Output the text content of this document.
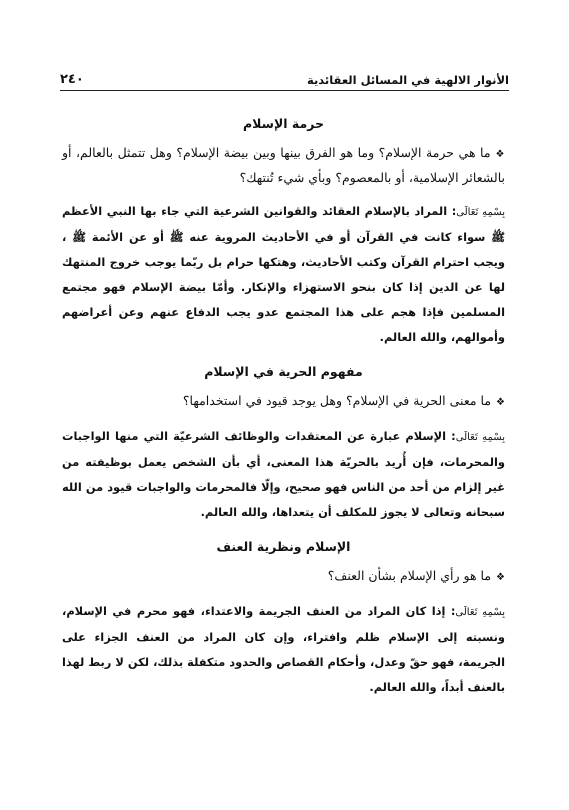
٢٤٠	الأنوار الالهية في المسائل العقائدية
حرمة الإسلام

❖ما هي حرمة الإسلام؟ وما هو الفرق بينها وبين بيضة الإسلام؟ وهل تتمثل بالعالم، أو بالشعائر الإسلامية، أو بالمعصوم؟ وبأي شيء تُنتهك؟

بِسْمِهِ تَعَالَى: المراد بالإسلام العقائد والقوانين الشرعية التي جاء بها النبي الأعظم ﷺ سواء كانت في القرآن أو في الأحاديث المروية عنه ﷺ أو عن الأئمة ﷺ ، ويجب احترام القرآن وكتب الأحاديث، وهتكها حرام بل ربّما يوجب خروج المنتهك لها عن الدين إذا كان بنحو الاستهزاء والإنكار. وأمّا بيضة الإسلام فهو مجتمع المسلمين فإذا هجم على هذا المجتمع عدو يجب الدفاع عنهم وعن أعراضهم وأموالهم، والله العالم.

مفهوم الحرية في الإسلام

❖ما معنى الحرية في الإسلام؟ وهل يوجد قيود في استخدامها؟

بِسْمِهِ تَعَالَى: الإسلام عبارة عن المعتقدات والوظائف الشرعيّة التي منها الواجبات والمحرمات، فإن أُريد بالحريّة هذا المعنى، أي بأن الشخص يعمل بوظيفته من غير إلزام من أحد من الناس فهو صحيح، وإلّا فالمحرمات والواجبات قيود من الله سبحانه وتعالى لا يجوز للمكلف أن يتعداها، والله العالم.

الإسلام ونظرية العنف

❖ما هو رأي الإسلام بشأن العنف؟

بِسْمِهِ تَعَالَى: إذا كان المراد من العنف الجريمة والاعتداء، فهو محرم في الإسلام، ونسبته إلى الإسلام ظلم وافتراء، وإن كان المراد من العنف الجزاء على الجريمة، فهو حقّ وعدل، وأحكام القصاص والحدود متكفلة بذلك، لكن لا ربط لهذا بالعنف أبداً، والله العالم.
